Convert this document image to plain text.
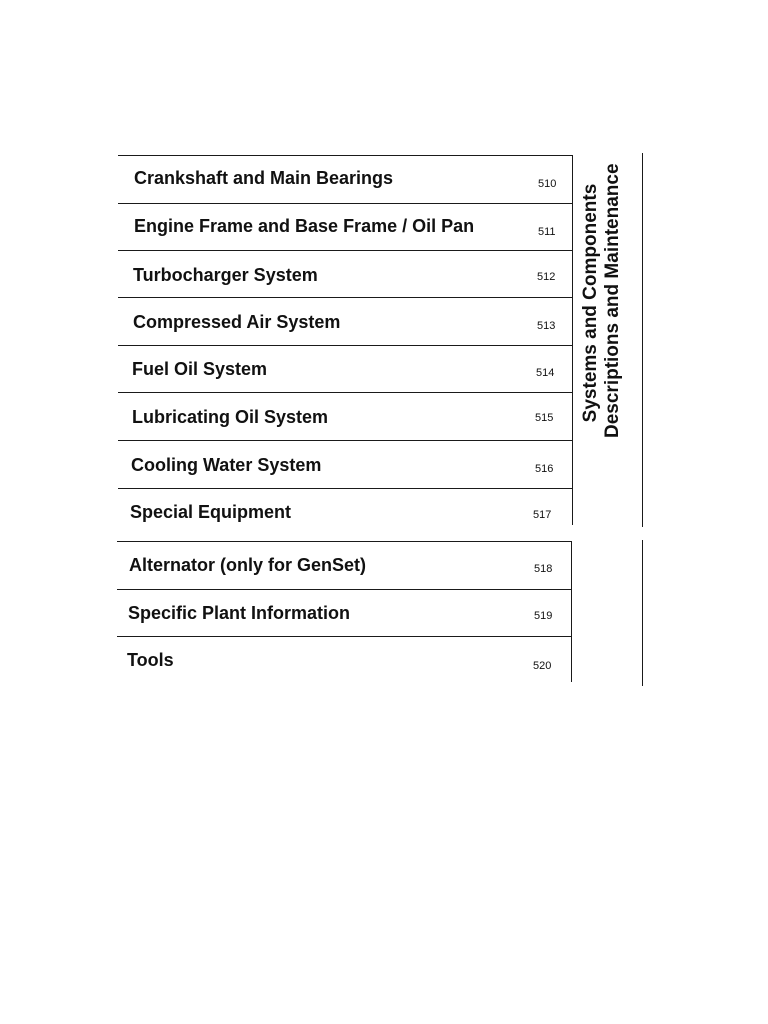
Crankshaft and Main Bearings	510
Engine Frame and Base Frame / Oil Pan	511
Turbocharger System	512
Compressed Air System	513
Fuel Oil System	514
Lubricating Oil System	515
Cooling Water System	516
Special Equipment	517
Alternator (only for GenSet)	518
Specific Plant Information	519
Tools	520
Systems and Components Descriptions and Maintenance
